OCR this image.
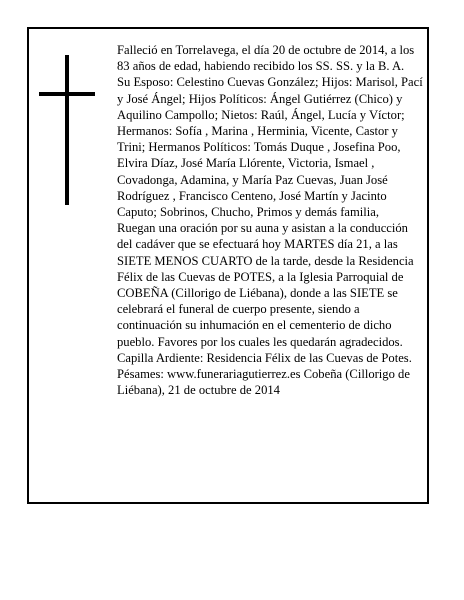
Falleció en Torrelavega, el día 20 de octubre de 2014, a los 83 años de edad, habiendo recibido los SS. SS. y la B. A.

Su Esposo: Celestino Cuevas González; Hijos: Marisol, Pací y José Ángel; Hijos Políticos: Ángel Gutiérrez (Chico) y Aquilino Campollo; Nietos: Raúl, Ángel, Lucía y Víctor; Hermanos: Sofía , Marina , Herminia, Vicente, Castor y Trini; Hermanos Políticos: Tomás Duque , Josefina Poo, Elvira Díaz, José María Llórente, Victoria, Ismael , Covadonga, Adamina, y María Paz Cuevas, Juan José Rodríguez , Francisco Centeno, José Martín y Jacinto Caputo; Sobrinos, Chucho, Primos y demás familia,

Ruegan una oración por su auna y asistan a la conducción del cadáver que se efectuará hoy MARTES día 21, a las SIETE MENOS CUARTO de la tarde, desde la Residencia Félix de las Cuevas de POTES, a la Iglesia Parroquial de COBEÑA (Cillorigo de Liébana), donde a las SIETE se celebrará el funeral de cuerpo presente, siendo a continuación su inhumación en el cementerio de dicho pueblo. Favores por los cuales les quedarán agradecidos. Capilla Ardiente: Residencia Félix de las Cuevas de Potes.

Pésames: www.funerariagutierrez.es Cobeña (Cillorigo de Liébana), 21 de octubre de 2014
